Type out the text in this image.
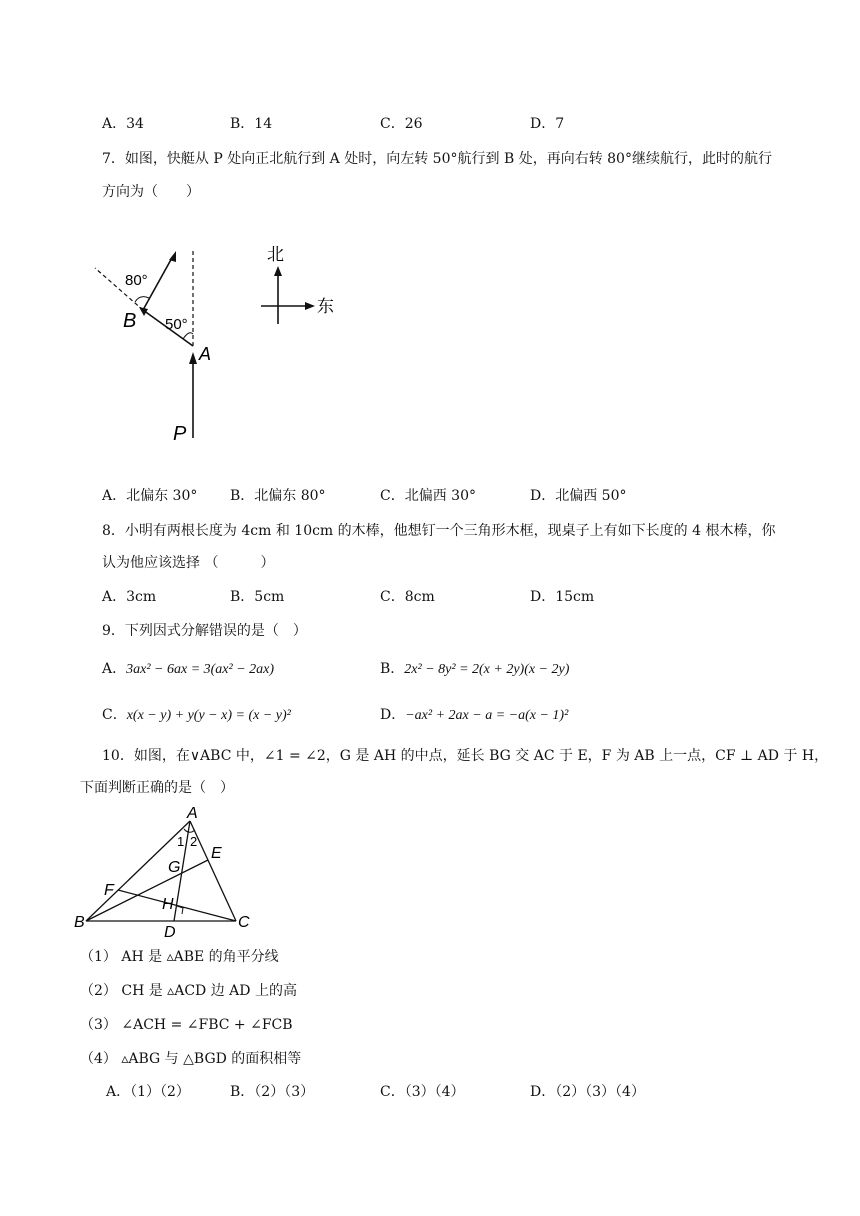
A．34	B．14	C．26	D．7
7．如图，快艇从 P 处向正北航行到 A 处时，向左转 50°航行到 B 处，再向右转 80°继续航行，此时的航行
方向为（　　）
80°
50°
B
A
P
北
东
A．北偏东 30° B．北偏东 80°	C．北偏西 30°	D．北偏西 50°
8．小明有两根长度为 4cm 和 10cm 的木棒，他想钉一个三角形木框，现桌子上有如下长度的 4 根木棒，你
认为他应该选择 （　　　）
A．3cm	B．5cm	C．8cm	D．15cm
9．下列因式分解错误的是（　）
A．3ax² − 6ax = 3(ax² − 2ax)	B．2x² − 8y² = 2(x + 2y)(x − 2y)
C．x(x − y) + y(y − x) = (x − y)²	D．−ax² + 2ax − a = −a(x − 1)²
10．如图，在∨ABC 中，∠1 = ∠2，G 是 AH 的中点，延长 BG 交 AC 于 E，F 为 AB 上一点，CF ⊥ AD 于 H，
下面判断正确的是（　）
A
B	C
D
E
F
G
H
1 2
（1） AH 是 ▵ABE 的角平分线
（2） CH 是 ▵ACD 边 AD 上的高
（3） ∠ACH = ∠FBC + ∠FCB
（4） ▵ABG 与 △BGD 的面积相等
A．（1）（2）	B．（2）（3）	C．（3）（4）	D．（2）（3）（4）
